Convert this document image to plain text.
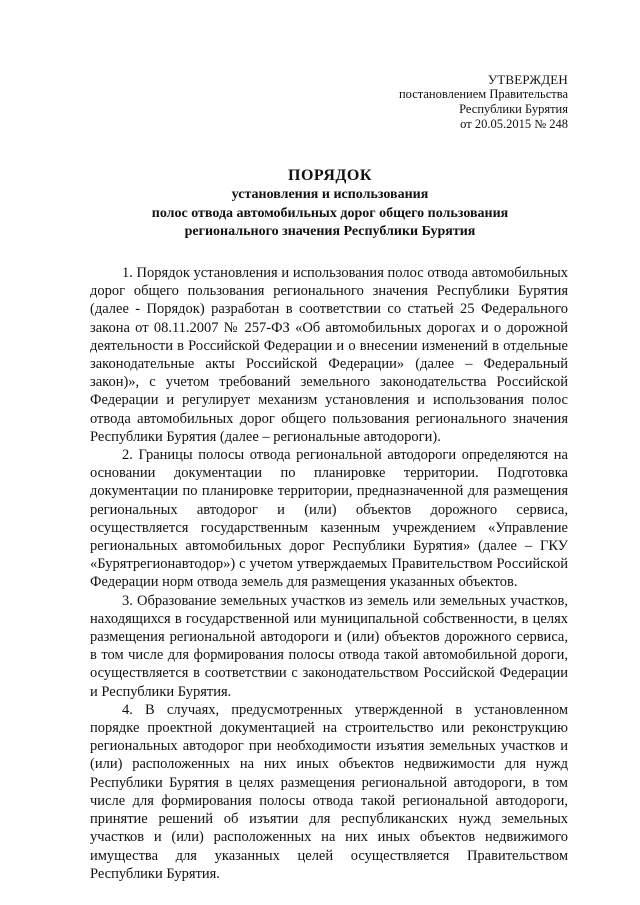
УТВЕРЖДЕН
постановлением Правительства
Республики Бурятия
от 20.05.2015 № 248
ПОРЯДОК
установления и использования
полос отвода автомобильных дорог общего пользования
регионального значения Республики Бурятия

1. Порядок установления и использования полос отвода автомобильных дорог общего пользования регионального значения Республики Бурятия (далее - Порядок) разработан в соответствии со статьей 25 Федерального закона от 08.11.2007 № 257-ФЗ «Об автомобильных дорогах и о дорожной деятельности в Российской Федерации и о внесении изменений в отдельные законодательные акты Российской Федерации» (далее – Федеральный закон)», с учетом требований земельного законодательства Российской Федерации и регулирует механизм установления и использования полос отвода автомобильных дорог общего пользования регионального значения Республики Бурятия (далее – региональные автодороги).

2. Границы полосы отвода региональной автодороги определяются на основании документации по планировке территории. Подготовка документации по планировке территории, предназначенной для размещения региональных автодорог и (или) объектов дорожного сервиса, осуществляется государственным казенным учреждением «Управление региональных автомобильных дорог Республики Бурятия» (далее – ГКУ «Бурятрегионавтодор») с учетом утверждаемых Правительством Российской Федерации норм отвода земель для размещения указанных объектов.

3. Образование земельных участков из земель или земельных участков, находящихся в государственной или муниципальной собственности, в целях размещения региональной автодороги и (или) объектов дорожного сервиса, в том числе для формирования полосы отвода такой автомобильной дороги, осуществляется в соответствии с законодательством Российской Федерации и Республики Бурятия.

4. В случаях, предусмотренных утвержденной в установленном порядке проектной документацией на строительство или реконструкцию региональных автодорог при необходимости изъятия земельных участков и (или) расположенных на них иных объектов недвижимости для нужд Республики Бурятия в целях размещения региональной автодороги, в том числе для формирования полосы отвода такой региональной автодороги, принятие решений об изъятии для республиканских нужд земельных участков и (или) расположенных на них иных объектов недвижимого имущества для указанных целей осуществляется Правительством Республики Бурятия.
